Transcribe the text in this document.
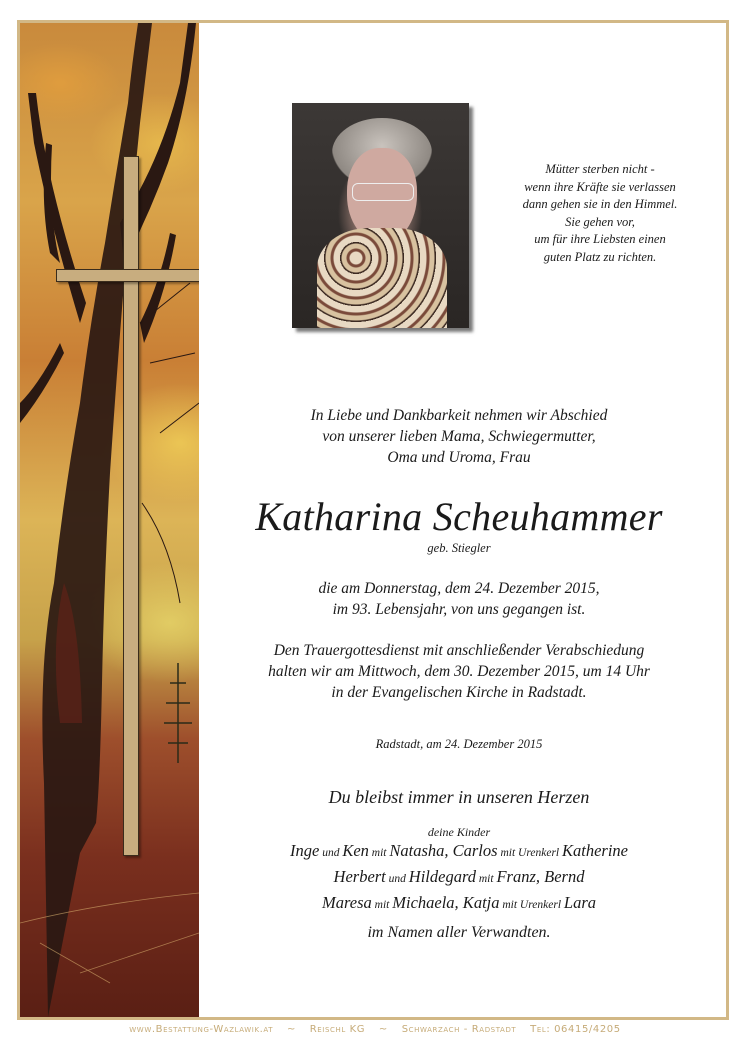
Mütter sterben nicht -
wenn ihre Kräfte sie verlassen
dann gehen sie in den Himmel.
Sie gehen vor,
um für ihre Liebsten einen
guten Platz zu richten.
In Liebe und Dankbarkeit nehmen wir Abschied
von unserer lieben Mama, Schwiegermutter,
Oma und Uroma, Frau
Katharina Scheuhammer
geb. Stiegler
die am Donnerstag, dem 24. Dezember 2015,
im 93. Lebensjahr, von uns gegangen ist.
Den Trauergottesdienst mit anschließender Verabschiedung
halten wir am Mittwoch, dem 30. Dezember 2015, um 14 Uhr
in der Evangelischen Kirche in Radstadt.
Radstadt, am 24. Dezember 2015
Du bleibst immer in unseren Herzen
deine Kinder
Inge und Ken mit Natasha, Carlos mit Urenkerl Katherine
Herbert und Hildegard mit Franz, Bernd
Maresa mit Michaela, Katja mit Urenkerl Lara
im Namen aller Verwandten.
www.Bestattung-Wazlawik.at ~ Reischl KG ~ Schwarzach - Radstadt Tel: 06415/4205
